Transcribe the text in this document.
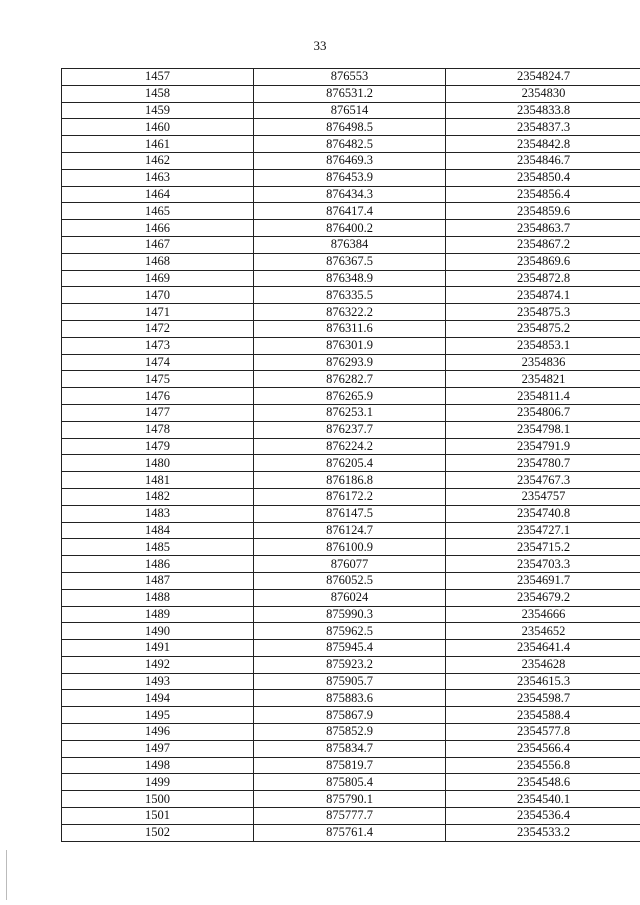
33
1457	876553	2354824.7
1458	876531.2	2354830
1459	876514	2354833.8
1460	876498.5	2354837.3
1461	876482.5	2354842.8
1462	876469.3	2354846.7
1463	876453.9	2354850.4
1464	876434.3	2354856.4
1465	876417.4	2354859.6
1466	876400.2	2354863.7
1467	876384	2354867.2
1468	876367.5	2354869.6
1469	876348.9	2354872.8
1470	876335.5	2354874.1
1471	876322.2	2354875.3
1472	876311.6	2354875.2
1473	876301.9	2354853.1
1474	876293.9	2354836
1475	876282.7	2354821
1476	876265.9	2354811.4
1477	876253.1	2354806.7
1478	876237.7	2354798.1
1479	876224.2	2354791.9
1480	876205.4	2354780.7
1481	876186.8	2354767.3
1482	876172.2	2354757
1483	876147.5	2354740.8
1484	876124.7	2354727.1
1485	876100.9	2354715.2
1486	876077	2354703.3
1487	876052.5	2354691.7
1488	876024	2354679.2
1489	875990.3	2354666
1490	875962.5	2354652
1491	875945.4	2354641.4
1492	875923.2	2354628
1493	875905.7	2354615.3
1494	875883.6	2354598.7
1495	875867.9	2354588.4
1496	875852.9	2354577.8
1497	875834.7	2354566.4
1498	875819.7	2354556.8
1499	875805.4	2354548.6
1500	875790.1	2354540.1
1501	875777.7	2354536.4
1502	875761.4	2354533.2
